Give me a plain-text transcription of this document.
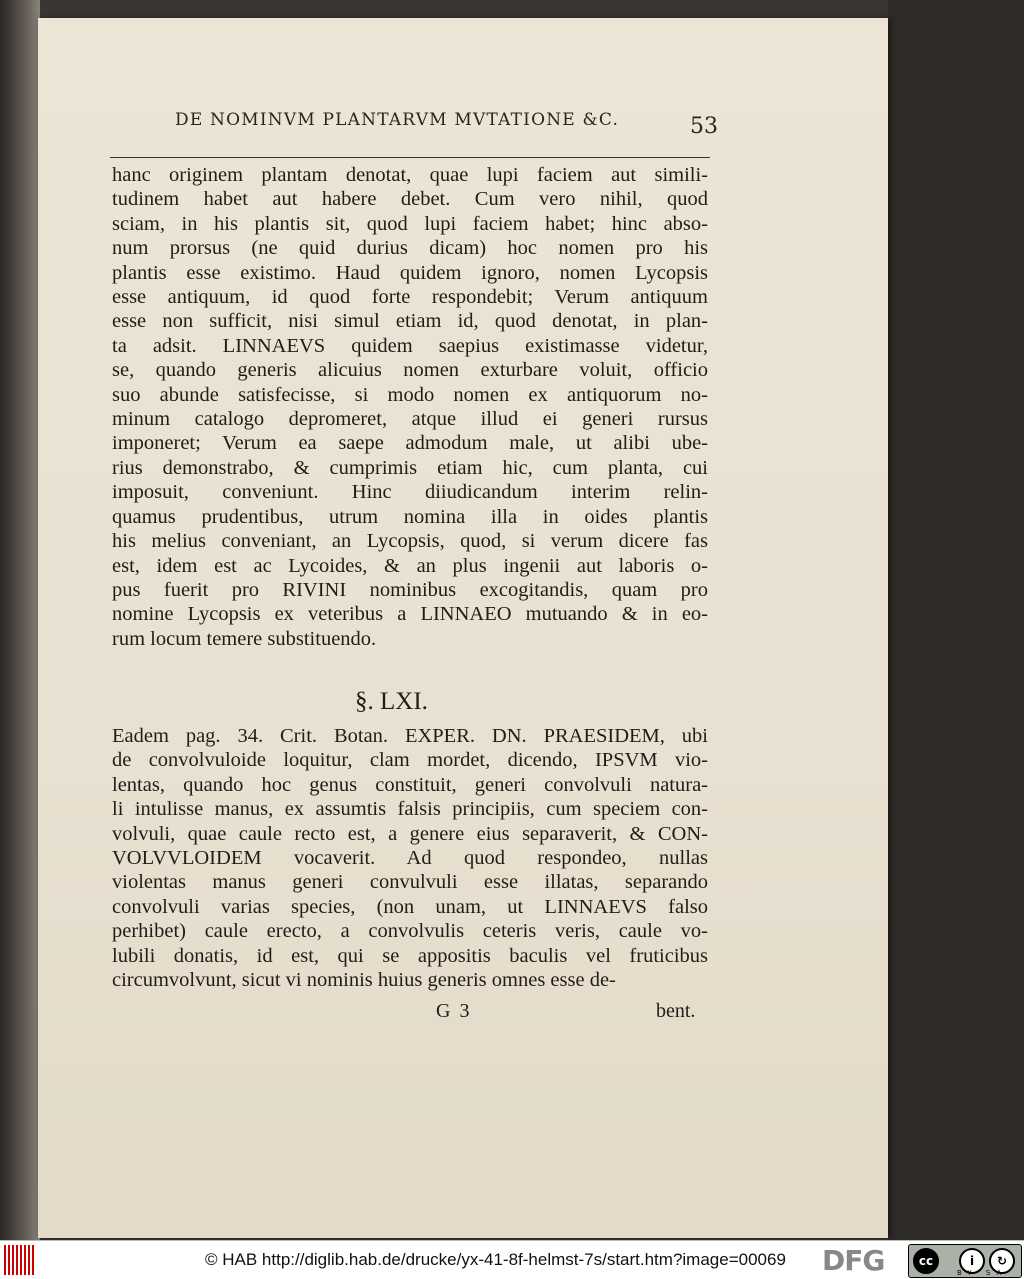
DE NOMINVM PLANTARVM MVTATIONE &C.	53
hanc originem plantam denotat, quae lupi faciem aut simili-
tudinem habet aut habere debet. Cum vero nihil, quod
sciam, in his plantis sit, quod lupi faciem habet; hinc abso-
num prorsus (ne quid durius dicam) hoc nomen pro his
plantis esse existimo. Haud quidem ignoro, nomen Lycopsis
esse antiquum, id quod forte respondebit; Verum antiquum
esse non sufficit, nisi simul etiam id, quod denotat, in plan-
ta adsit. LINNAEVS quidem saepius existimasse videtur,
se, quando generis alicuius nomen exturbare voluit, officio
suo abunde satisfecisse, si modo nomen ex antiquorum no-
minum catalogo depromeret, atque illud ei generi rursus
imponeret; Verum ea saepe admodum male, ut alibi ube-
rius demonstrabo, & cumprimis etiam hic, cum planta, cui
imposuit, conveniunt. Hinc diiudicandum interim relin-
quamus prudentibus, utrum nomina illa in oides plantis
his melius conveniant, an Lycopsis, quod, si verum dicere fas
est, idem est ac Lycoides, & an plus ingenii aut laboris o-
pus fuerit pro RIVINI nominibus excogitandis, quam pro
nomine Lycopsis ex veteribus a LINNAEO mutuando & in eo-
rum locum temere substituendo.
§. LXI.
Eadem pag. 34. Crit. Botan. EXPER. DN. PRAESIDEM, ubi
de convolvuloide loquitur, clam mordet, dicendo, IPSVM vio-
lentas, quando hoc genus constituit, generi convolvuli natura-
li intulisse manus, ex assumtis falsis principiis, cum speciem con-
volvuli, quae caule recto est, a genere eius separaverit, & CON-
VOLVVLOIDEM vocaverit. Ad quod respondeo, nullas
violentas manus generi convulvuli esse illatas, separando
convolvuli varias species, (non unam, ut LINNAEVS falso
perhibet) caule erecto, a convolvulis ceteris veris, caule vo-
lubili donatis, id est, qui se appositis baculis vel fruticibus
circumvolvunt, sicut vi nominis huius generis omnes esse de-
G 3	bent.
© HAB http://diglib.hab.de/drucke/yx-41-8f-helmst-7s/start.htm?image=00069 DFG	cc	i	↻
BY SA
